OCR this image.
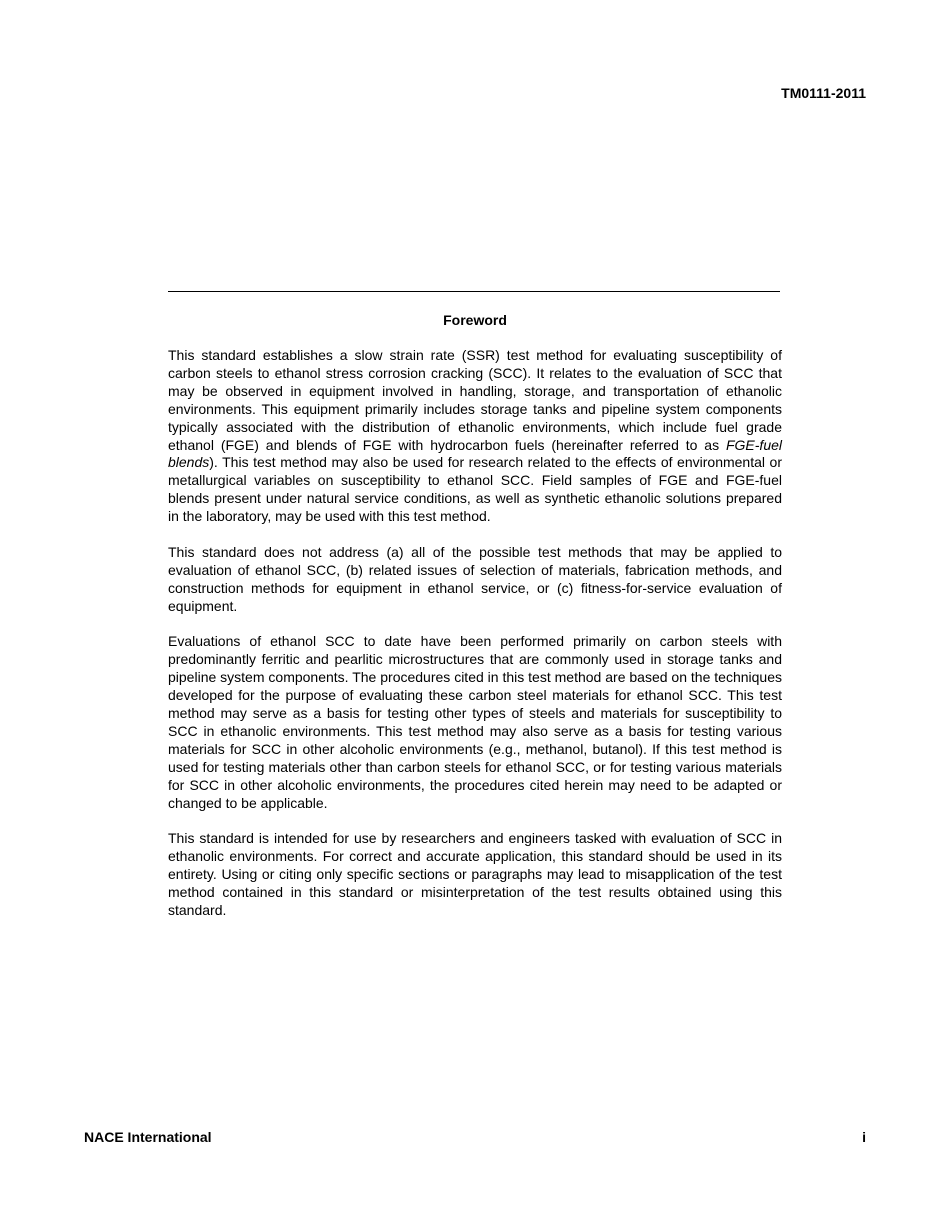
TM0111-2011
Foreword

This standard establishes a slow strain rate (SSR) test method for evaluating susceptibility of carbon steels to ethanol stress corrosion cracking (SCC). It relates to the evaluation of SCC that may be observed in equipment involved in handling, storage, and transportation of ethanolic environments. This equipment primarily includes storage tanks and pipeline system components typically associated with the distribution of ethanolic environments, which include fuel grade ethanol (FGE) and blends of FGE with hydrocarbon fuels (hereinafter referred to as FGE-fuel blends). This test method may also be used for research related to the effects of environmental or metallurgical variables on susceptibility to ethanol SCC. Field samples of FGE and FGE-fuel blends present under natural service conditions, as well as synthetic ethanolic solutions prepared in the laboratory, may be used with this test method.

This standard does not address (a) all of the possible test methods that may be applied to evaluation of ethanol SCC, (b) related issues of selection of materials, fabrication methods, and construction methods for equipment in ethanol service, or (c) fitness-for-service evaluation of equipment.

Evaluations of ethanol SCC to date have been performed primarily on carbon steels with predominantly ferritic and pearlitic microstructures that are commonly used in storage tanks and pipeline system components. The procedures cited in this test method are based on the techniques developed for the purpose of evaluating these carbon steel materials for ethanol SCC. This test method may serve as a basis for testing other types of steels and materials for susceptibility to SCC in ethanolic environments. This test method may also serve as a basis for testing various materials for SCC in other alcoholic environments (e.g., methanol, butanol). If this test method is used for testing materials other than carbon steels for ethanol SCC, or for testing various materials for SCC in other alcoholic environments, the procedures cited herein may need to be adapted or changed to be applicable.

This standard is intended for use by researchers and engineers tasked with evaluation of SCC in ethanolic environments. For correct and accurate application, this standard should be used in its entirety. Using or citing only specific sections or paragraphs may lead to misapplication of the test method contained in this standard or misinterpretation of the test results obtained using this standard.

NACE International	i
